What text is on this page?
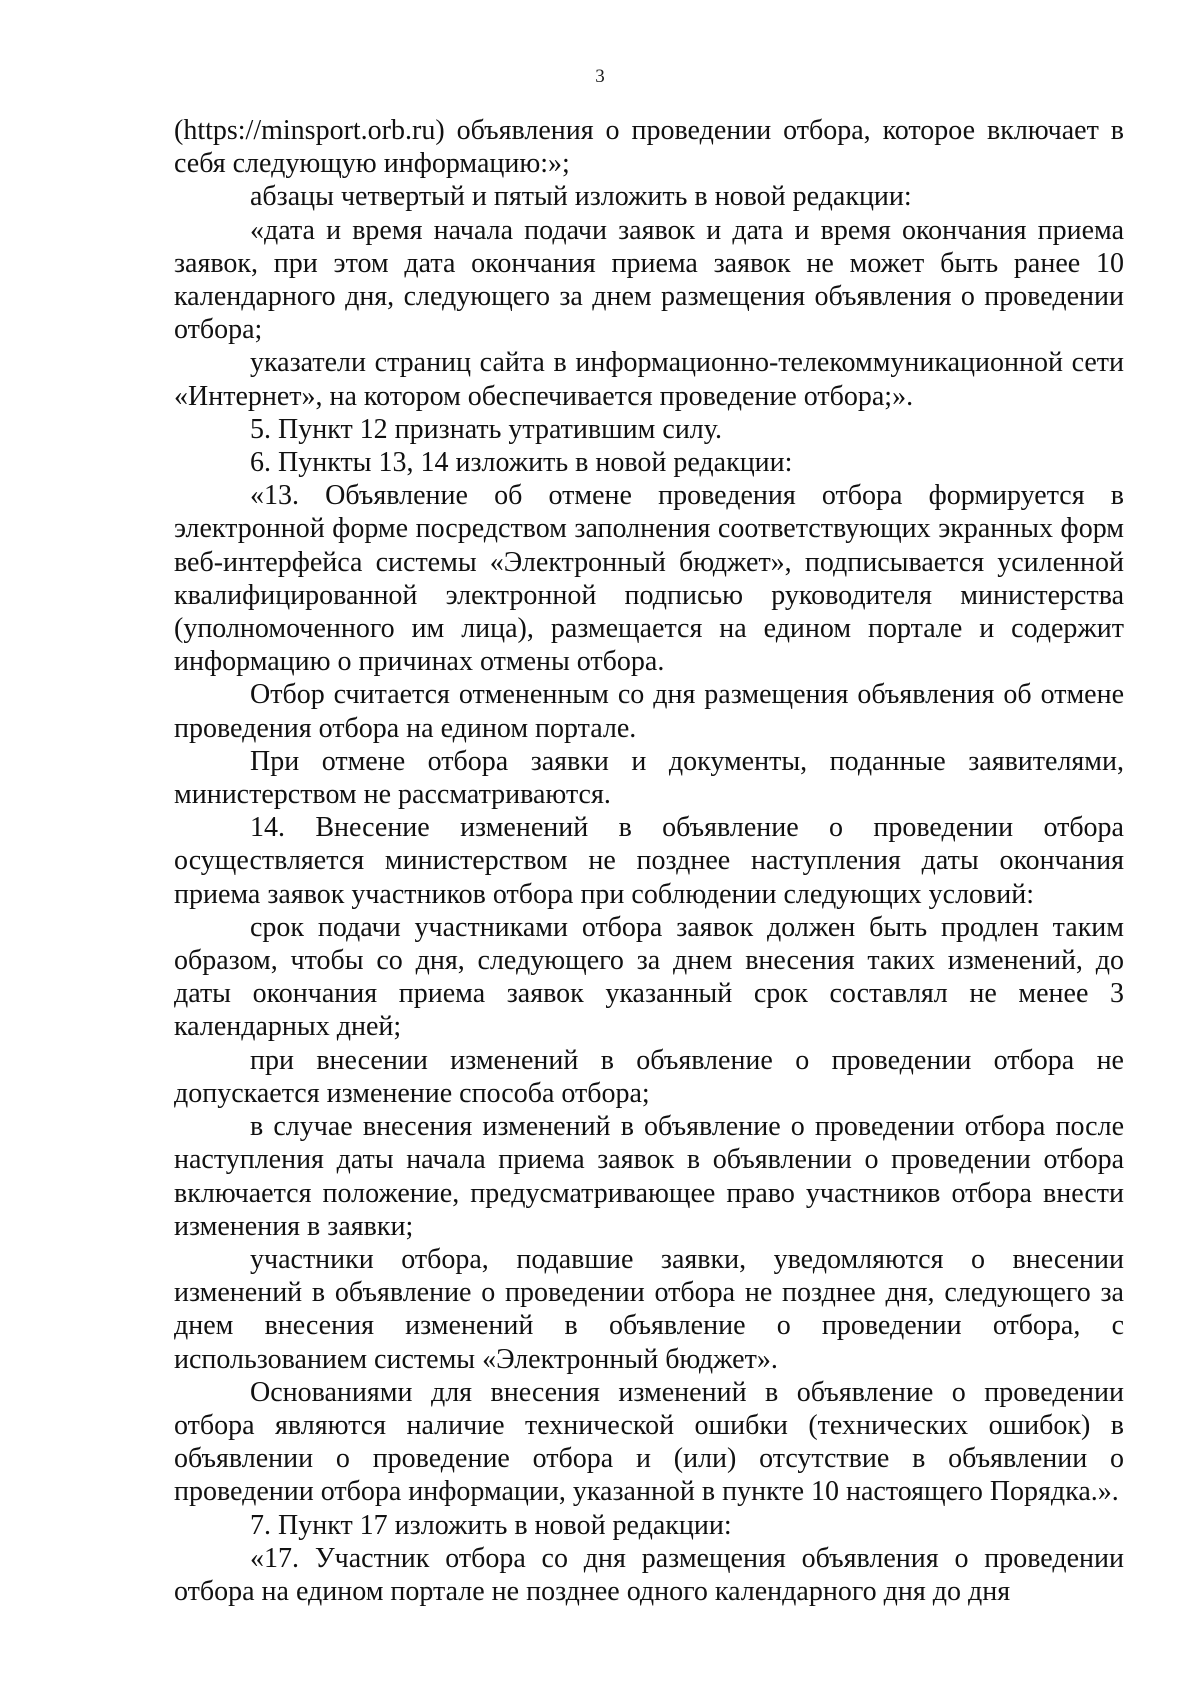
3

(https://minsport.orb.ru) объявления о проведении отбора, которое включает в себя следующую информацию:»;

абзацы четвертый и пятый изложить в новой редакции:

«дата и время начала подачи заявок и дата и время окончания приема заявок, при этом дата окончания приема заявок не может быть ранее 10 календарного дня, следующего за днем размещения объявления о проведении отбора;

указатели страниц сайта в информационно-телекоммуникационной сети «Интернет», на котором обеспечивается проведение отбора;».

5. Пункт 12 признать утратившим силу.

6. Пункты 13, 14 изложить в новой редакции:

«13. Объявление об отмене проведения отбора формируется в электронной форме посредством заполнения соответствующих экранных форм веб-интерфейса системы «Электронный бюджет», подписывается усиленной квалифицированной электронной подписью руководителя министерства (уполномоченного им лица), размещается на едином портале и содержит информацию о причинах отмены отбора.

Отбор считается отмененным со дня размещения объявления об отмене проведения отбора на едином портале.

При отмене отбора заявки и документы, поданные заявителями, министерством не рассматриваются.

14. Внесение изменений в объявление о проведении отбора осуществляется министерством не позднее наступления даты окончания приема заявок участников отбора при соблюдении следующих условий:

срок подачи участниками отбора заявок должен быть продлен таким образом, чтобы со дня, следующего за днем внесения таких изменений, до даты окончания приема заявок указанный срок составлял не менее 3 календарных дней;

при внесении изменений в объявление о проведении отбора не допускается изменение способа отбора;

в случае внесения изменений в объявление о проведении отбора после наступления даты начала приема заявок в объявлении о проведении отбора включается положение, предусматривающее право участников отбора внести изменения в заявки;

участники отбора, подавшие заявки, уведомляются о внесении изменений в объявление о проведении отбора не позднее дня, следующего за днем внесения изменений в объявление о проведении отбора, с использованием системы «Электронный бюджет».

Основаниями для внесения изменений в объявление о проведении отбора являются наличие технической ошибки (технических ошибок) в объявлении о проведение отбора и (или) отсутствие в объявлении о проведении отбора информации, указанной в пункте 10 настоящего Порядка.».

7. Пункт 17 изложить в новой редакции:

«17. Участник отбора со дня размещения объявления о проведении отбора на едином портале не позднее одного календарного дня до дня
